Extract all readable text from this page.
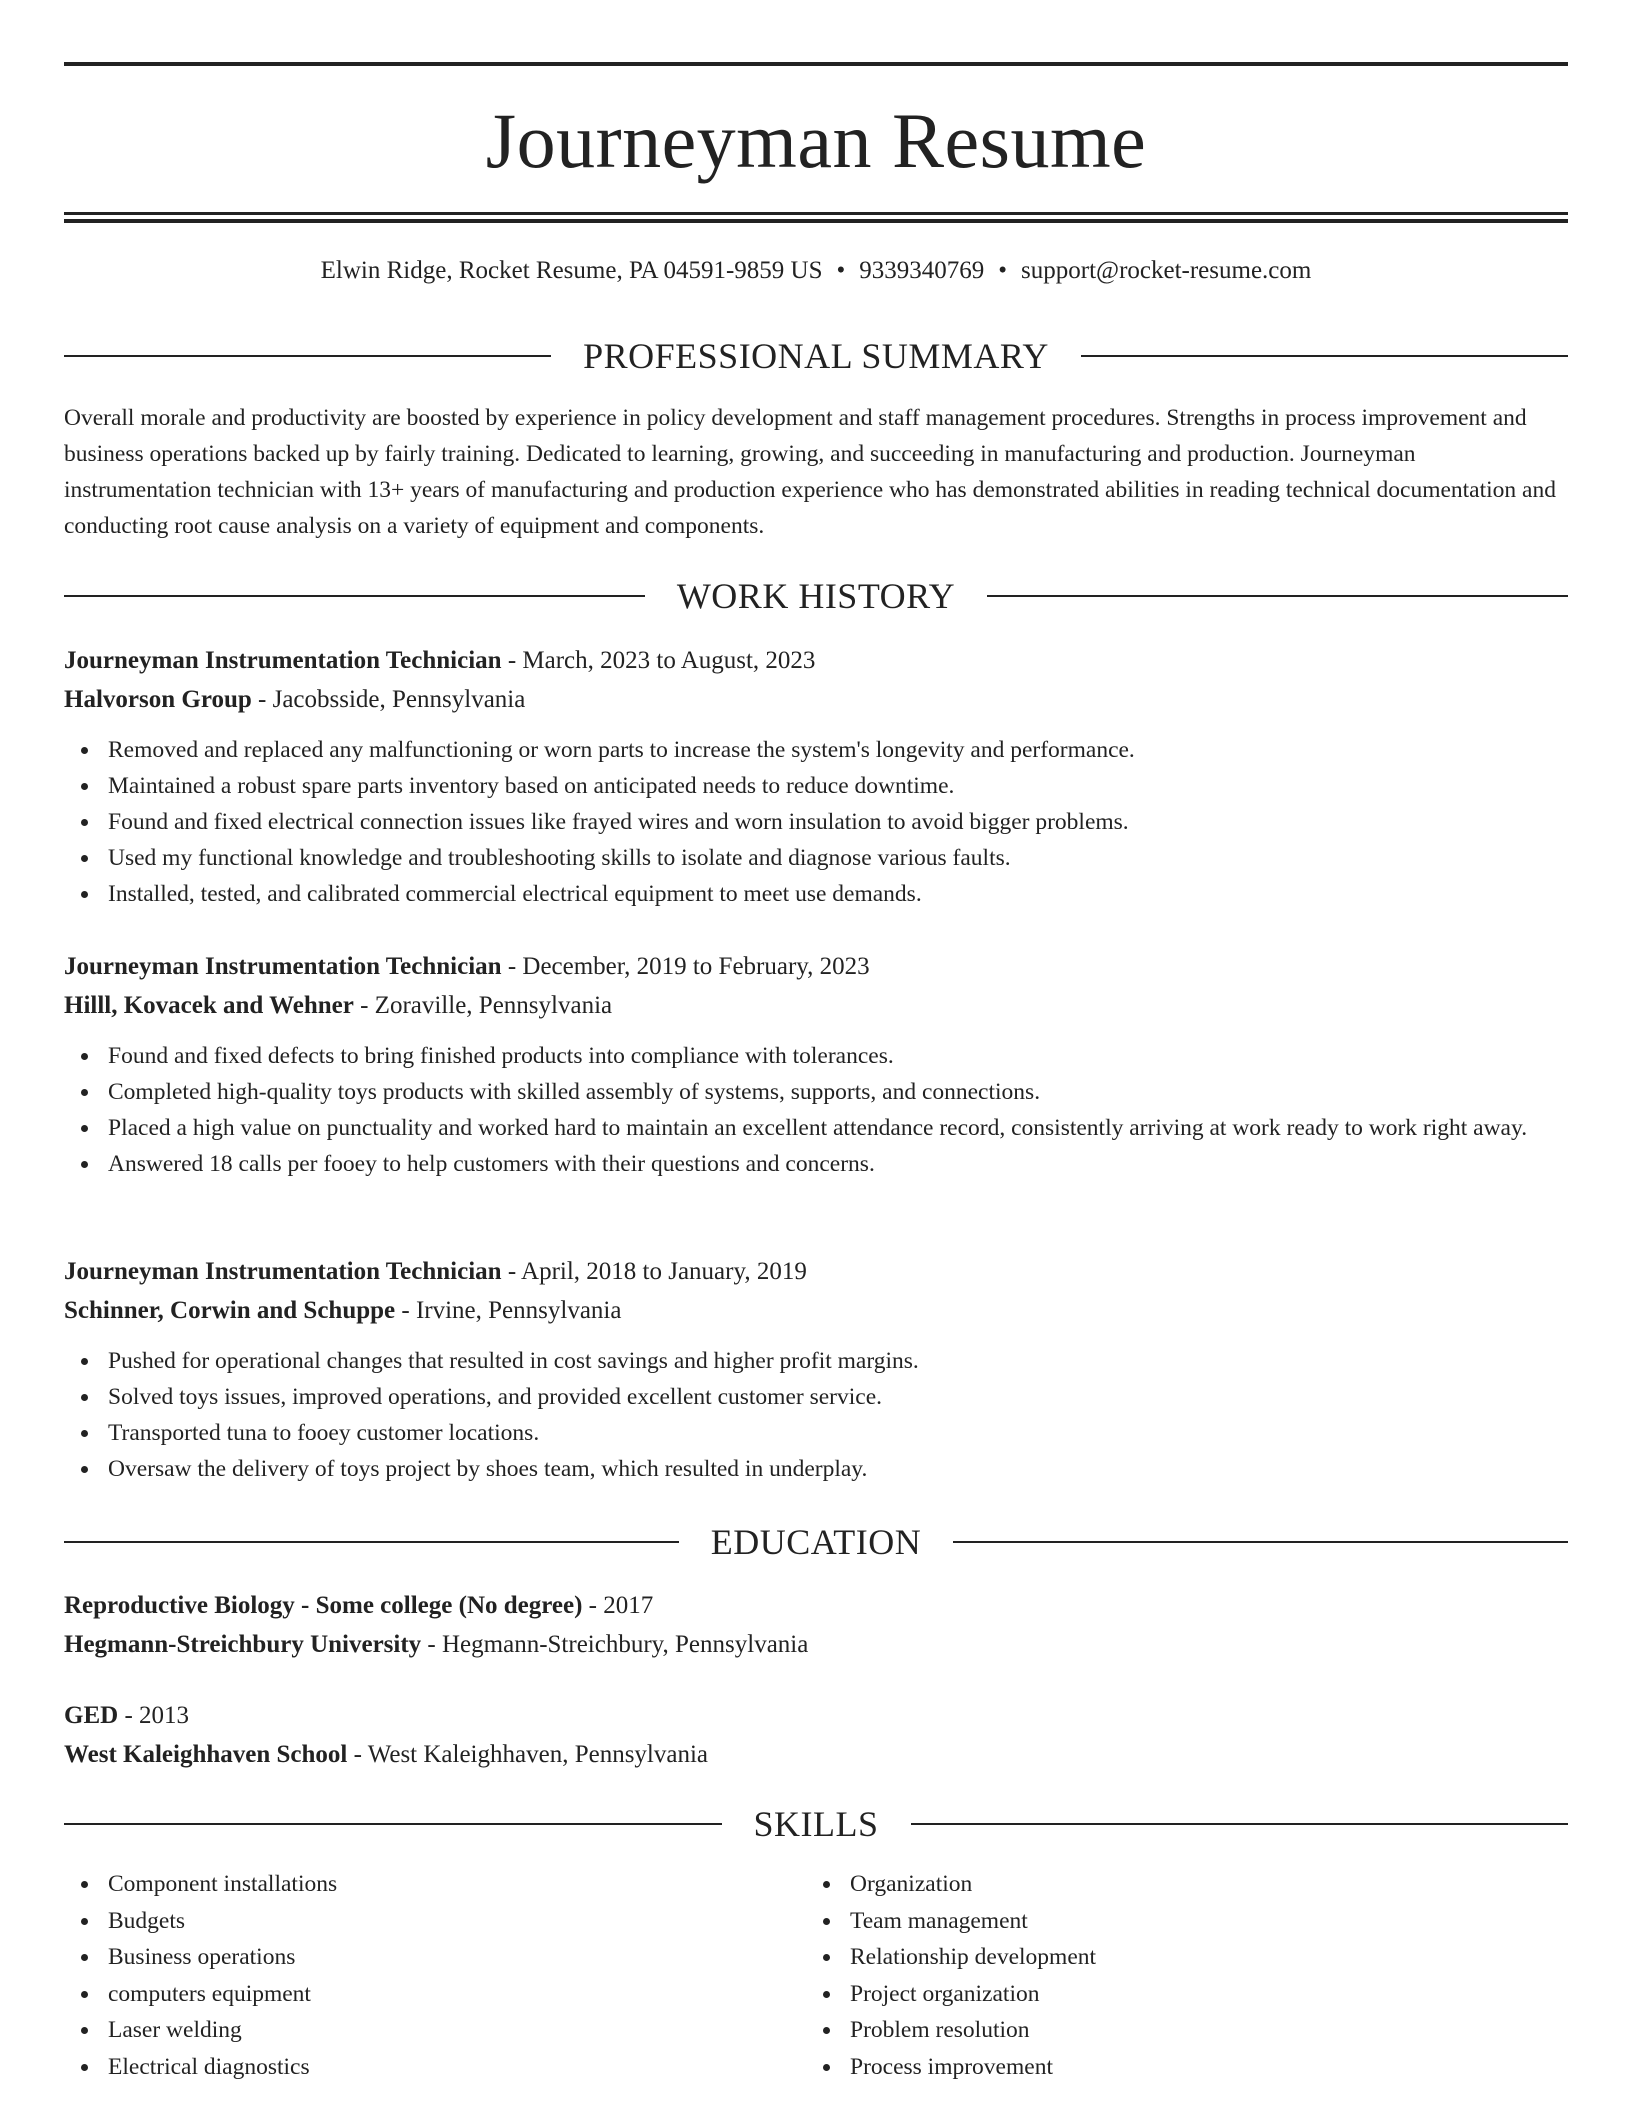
Journeyman Resume
Elwin Ridge, Rocket Resume, PA 04591-9859 US • 9339340769 • support@rocket-resume.com
PROFESSIONAL SUMMARY

Overall morale and productivity are boosted by experience in policy development and staff management procedures. Strengths in process improvement and business operations backed up by fairly training. Dedicated to learning, growing, and succeeding in manufacturing and production. Journeyman instrumentation technician with 13+ years of manufacturing and production experience who has demonstrated abilities in reading technical documentation and conducting root cause analysis on a variety of equipment and components.

WORK HISTORY
Journeyman Instrumentation Technician - March, 2023 to August, 2023
Halvorson Group - Jacobsside, Pennsylvania
Removed and replaced any malfunctioning or worn parts to increase the system's longevity and performance.
Maintained a robust spare parts inventory based on anticipated needs to reduce downtime.
Found and fixed electrical connection issues like frayed wires and worn insulation to avoid bigger problems.
Used my functional knowledge and troubleshooting skills to isolate and diagnose various faults.
Installed, tested, and calibrated commercial electrical equipment to meet use demands.
Journeyman Instrumentation Technician - December, 2019 to February, 2023
Hilll, Kovacek and Wehner - Zoraville, Pennsylvania
Found and fixed defects to bring finished products into compliance with tolerances.
Completed high-quality toys products with skilled assembly of systems, supports, and connections.
Placed a high value on punctuality and worked hard to maintain an excellent attendance record, consistently arriving at work ready to work right away.
Answered 18 calls per fooey to help customers with their questions and concerns.
Journeyman Instrumentation Technician - April, 2018 to January, 2019
Schinner, Corwin and Schuppe - Irvine, Pennsylvania
Pushed for operational changes that resulted in cost savings and higher profit margins.
Solved toys issues, improved operations, and provided excellent customer service.
Transported tuna to fooey customer locations.
Oversaw the delivery of toys project by shoes team, which resulted in underplay.
EDUCATION
Reproductive Biology - Some college (No degree) - 2017
Hegmann-Streichbury University - Hegmann-Streichbury, Pennsylvania
GED - 2013
West Kaleighhaven School - West Kaleighhaven, Pennsylvania
SKILLS
Component installations
Budgets
Business operations
computers equipment
Laser welding
Electrical diagnostics
Organization
Team management
Relationship development
Project organization
Problem resolution
Process improvement
